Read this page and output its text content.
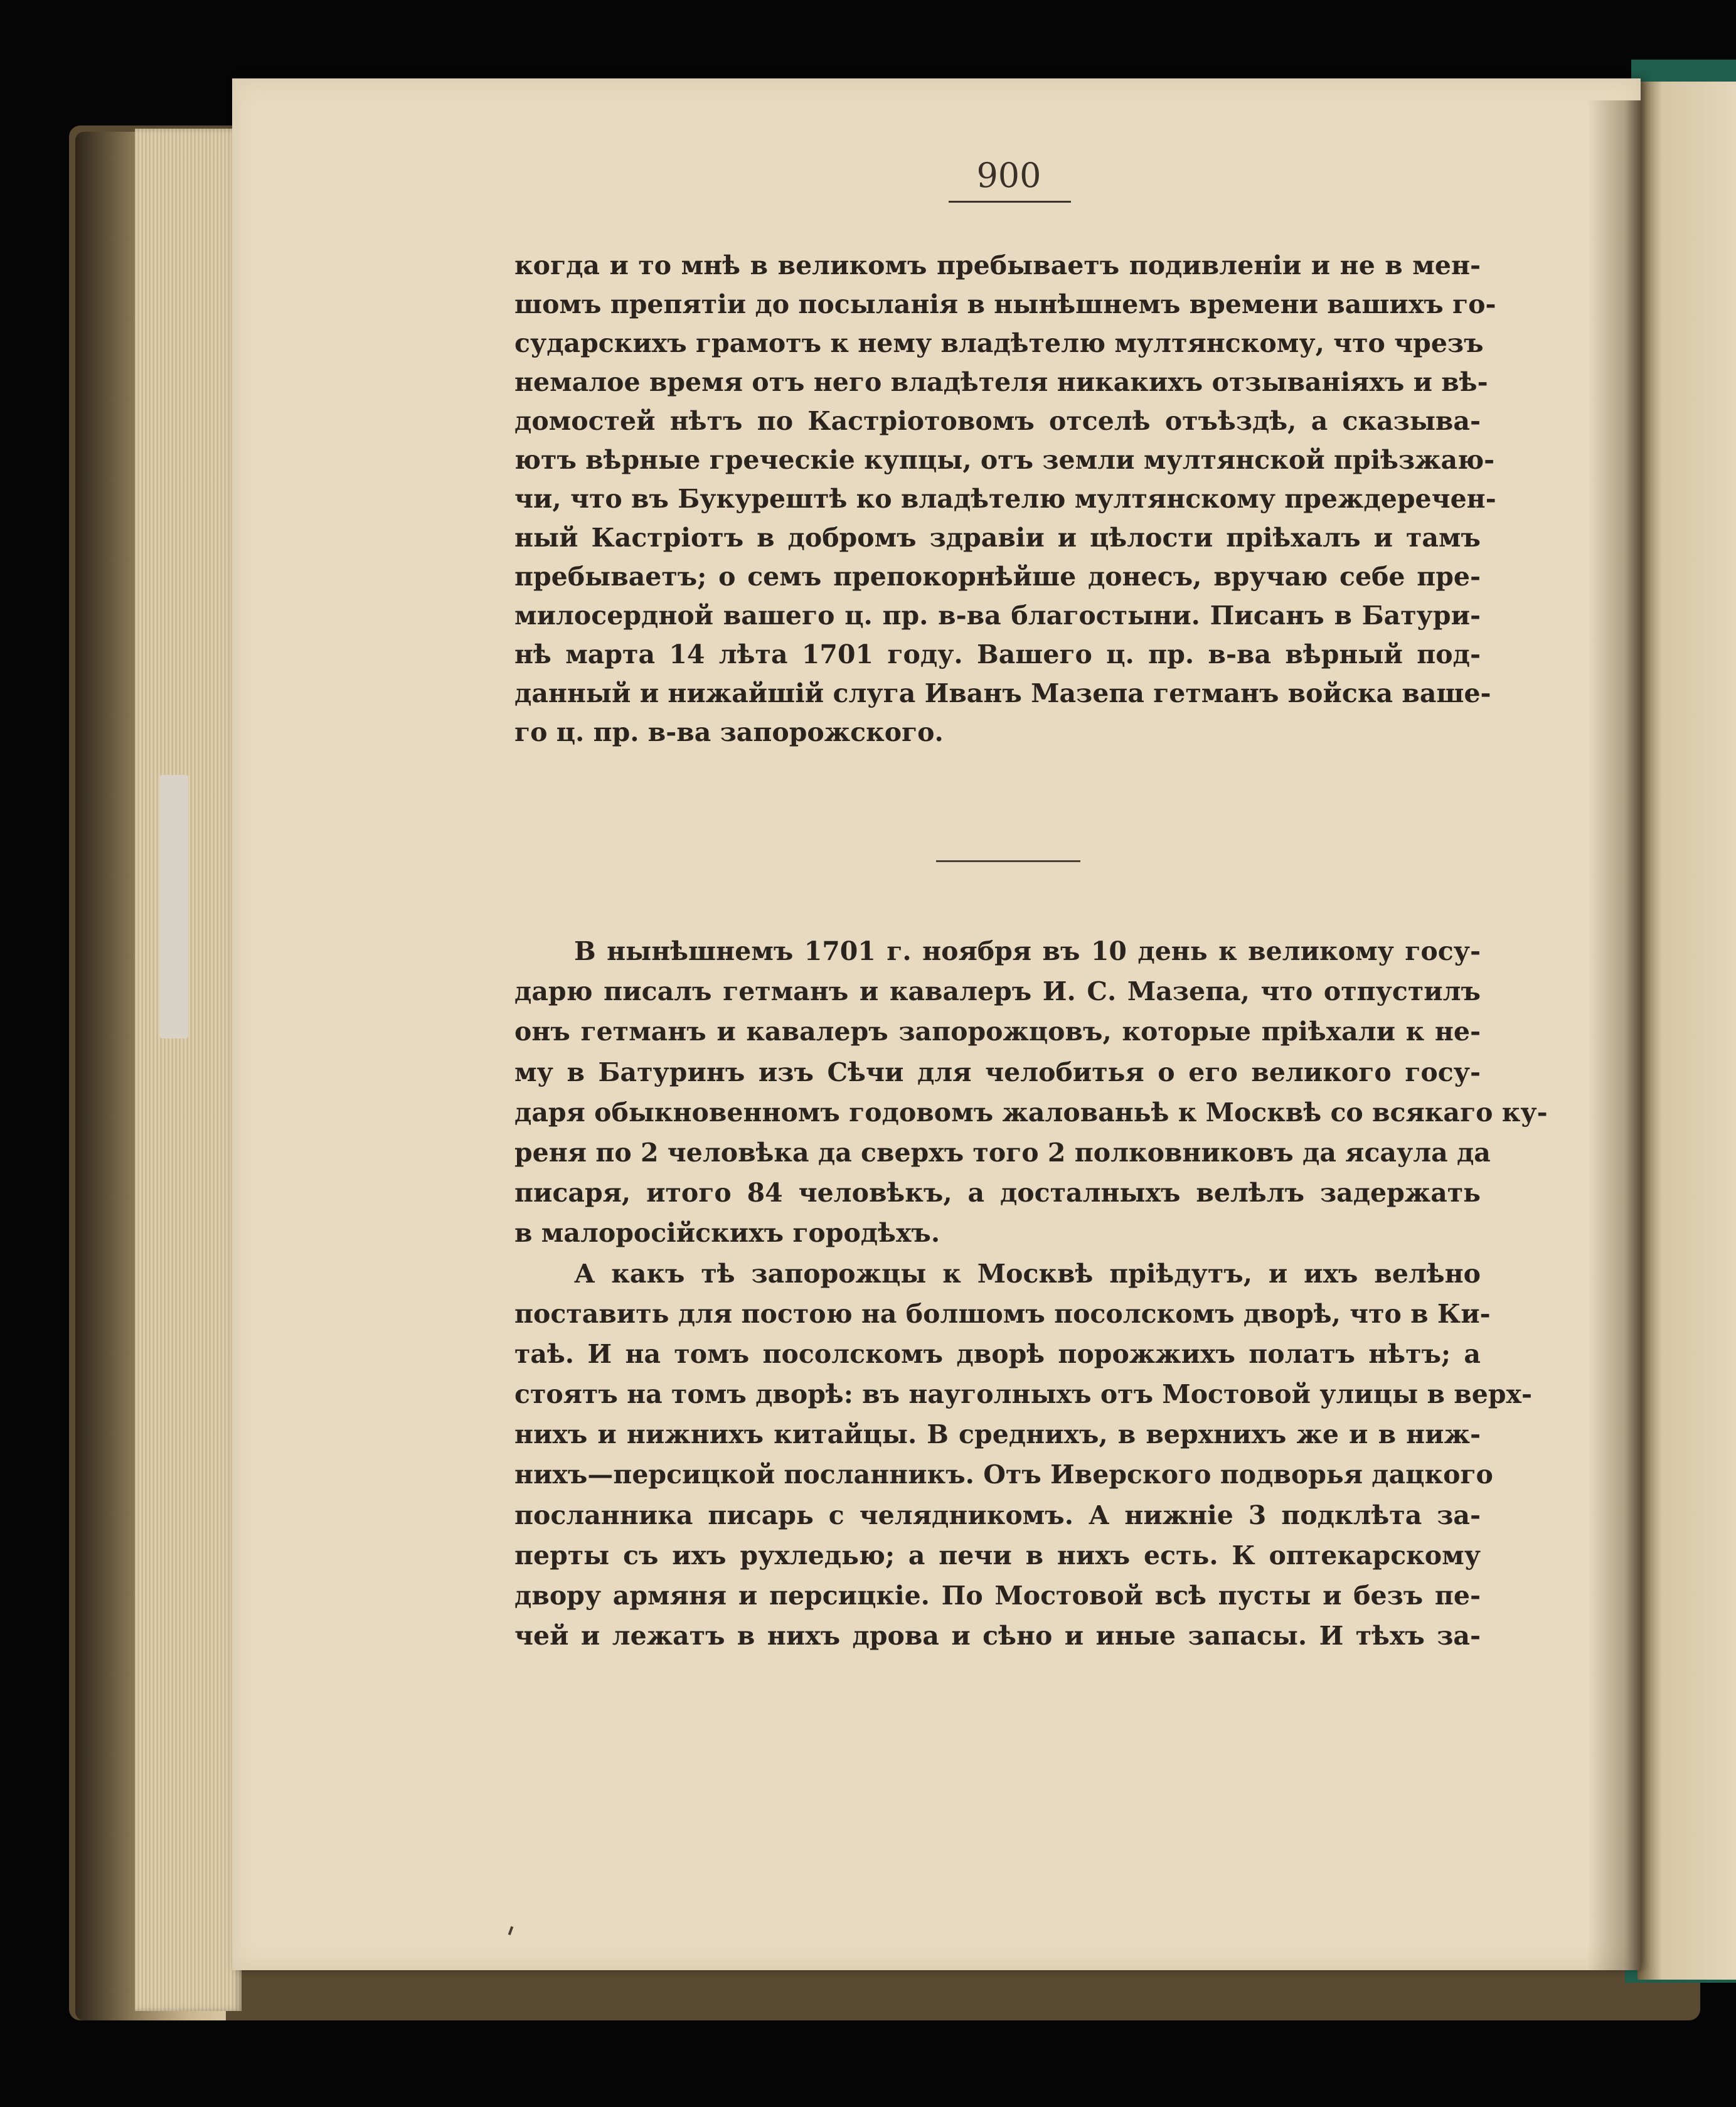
900
когда и то мнѣ в великомъ пребываетъ подивленіи и не в мен-
шомъ препятіи до посыланія в нынѣшнемъ времени вашихъ го-
сударскихъ грамотъ к нему владѣтелю мултянскому, что чрезъ
немалое время отъ него владѣтеля никакихъ отзываніяхъ и вѣ-
домостей нѣтъ по Кастріотовомъ отселѣ отъѣздѣ, а сказыва-
ютъ вѣрные греческіе купцы, отъ земли мултянской пріѣзжаю-
чи, что въ Букурештѣ ко владѣтелю мултянскому преждеречен-
ный Кастріотъ в добромъ здравіи и цѣлости пріѣхалъ и тамъ
пребываетъ; о семъ препокорнѣйше донесъ, вручаю себе пре-
милосердной вашего ц. пр. в-ва благостыни. Писанъ в Батури-
нѣ марта 14 лѣта 1701 году. Вашего ц. пр. в-ва вѣрный под-
данный и нижайшій слуга Иванъ Мазепа гетманъ войска ваше-
го ц. пр. в-ва запорожского.
В нынѣшнемъ 1701 г. ноября въ 10 день к великому госу-
дарю писалъ гетманъ и кавалеръ И. С. Мазепа, что отпустилъ
онъ гетманъ и кавалеръ запорожцовъ, которые пріѣхали к не-
му в Батуринъ изъ Сѣчи для челобитья о его великого госу-
даря обыкновенномъ годовомъ жалованьѣ к Москвѣ со всякаго ку-
реня по 2 человѣка да сверхъ того 2 полковниковъ да ясаула да
писаря, итого 84 человѣкъ, а досталныхъ велѣлъ задержать
в малоросійскихъ городѣхъ.
А какъ тѣ запорожцы к Москвѣ пріѣдутъ, и ихъ велѣно
поставить для постою на болшомъ посолскомъ дворѣ, что в Ки-
таѣ. И на томъ посолскомъ дворѣ порожжихъ полатъ нѣтъ; а
стоятъ на томъ дворѣ: въ науголныхъ отъ Мостовой улицы в верх-
нихъ и нижнихъ китайцы. В среднихъ, в верхнихъ же и в ниж-
нихъ—персицкой посланникъ. Отъ Иверского подворья дацкого
посланника писарь с челядникомъ. А нижніе 3 подклѣта за-
перты съ ихъ рухледью; а печи в нихъ есть. К оптекарскому
двору армяня и персицкіе. По Мостовой всѣ пусты и безъ пе-
чей и лежатъ в нихъ дрова и сѣно и иные запасы. И тѣхъ за-
